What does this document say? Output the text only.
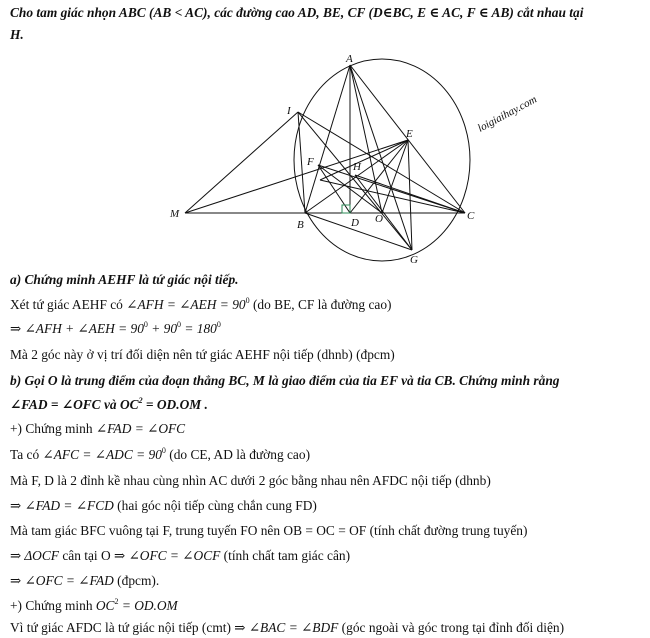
Cho tam giác nhọn ABC (AB < AC), các đường cao AD, BE, CF (D∈BC, E ∈ AC, F ∈ AB) cắt nhau tại
H.
loigiaihay.com
A
I
E
F	H
M
B	D O	C
G
a) Chứng minh AEHF là tứ giác nội tiếp.
Xét tứ giác AEHF có ∠AFH = ∠AEH = $90^0$ (do BE, CF là đường cao)
⇒ ∠AFH + ∠AEH = $90^0 + 90^0 = 180^0$
Mà 2 góc này ở vị trí đối diện nên tứ giác AEHF nội tiếp (dhnb) (đpcm)
b) Gọi O là trung điểm của đoạn thẳng BC, M là giao điểm của tia EF và tia CB. Chứng minh rằng
∠FAD = ∠OFC và $OC^2 = OD.OM$ .
+) Chứng minh ∠FAD = ∠OFC
Ta có ∠AFC = ∠ADC = $90^0$ (do CE, AD là đường cao)
Mà F, D là 2 đỉnh kề nhau cùng nhìn AC dưới 2 góc bằng nhau nên AFDC nội tiếp (dhnb)
⇒ ∠FAD = ∠FCD (hai góc nội tiếp cùng chắn cung FD)
Mà tam giác BFC vuông tại F, trung tuyến FO nên OB = OC = OF (tính chất đường trung tuyến)
⇒ ΔOCF cân tại O ⇒ ∠OFC = ∠OCF (tính chất tam giác cân)
⇒ ∠OFC = ∠FAD (đpcm).
+) Chứng minh $OC^2 = OD.OM$
Vì tứ giác AFDC là tứ giác nội tiếp (cmt) ⇒ ∠BAC = ∠BDF (góc ngoài và góc trong tại đỉnh đối diện)
